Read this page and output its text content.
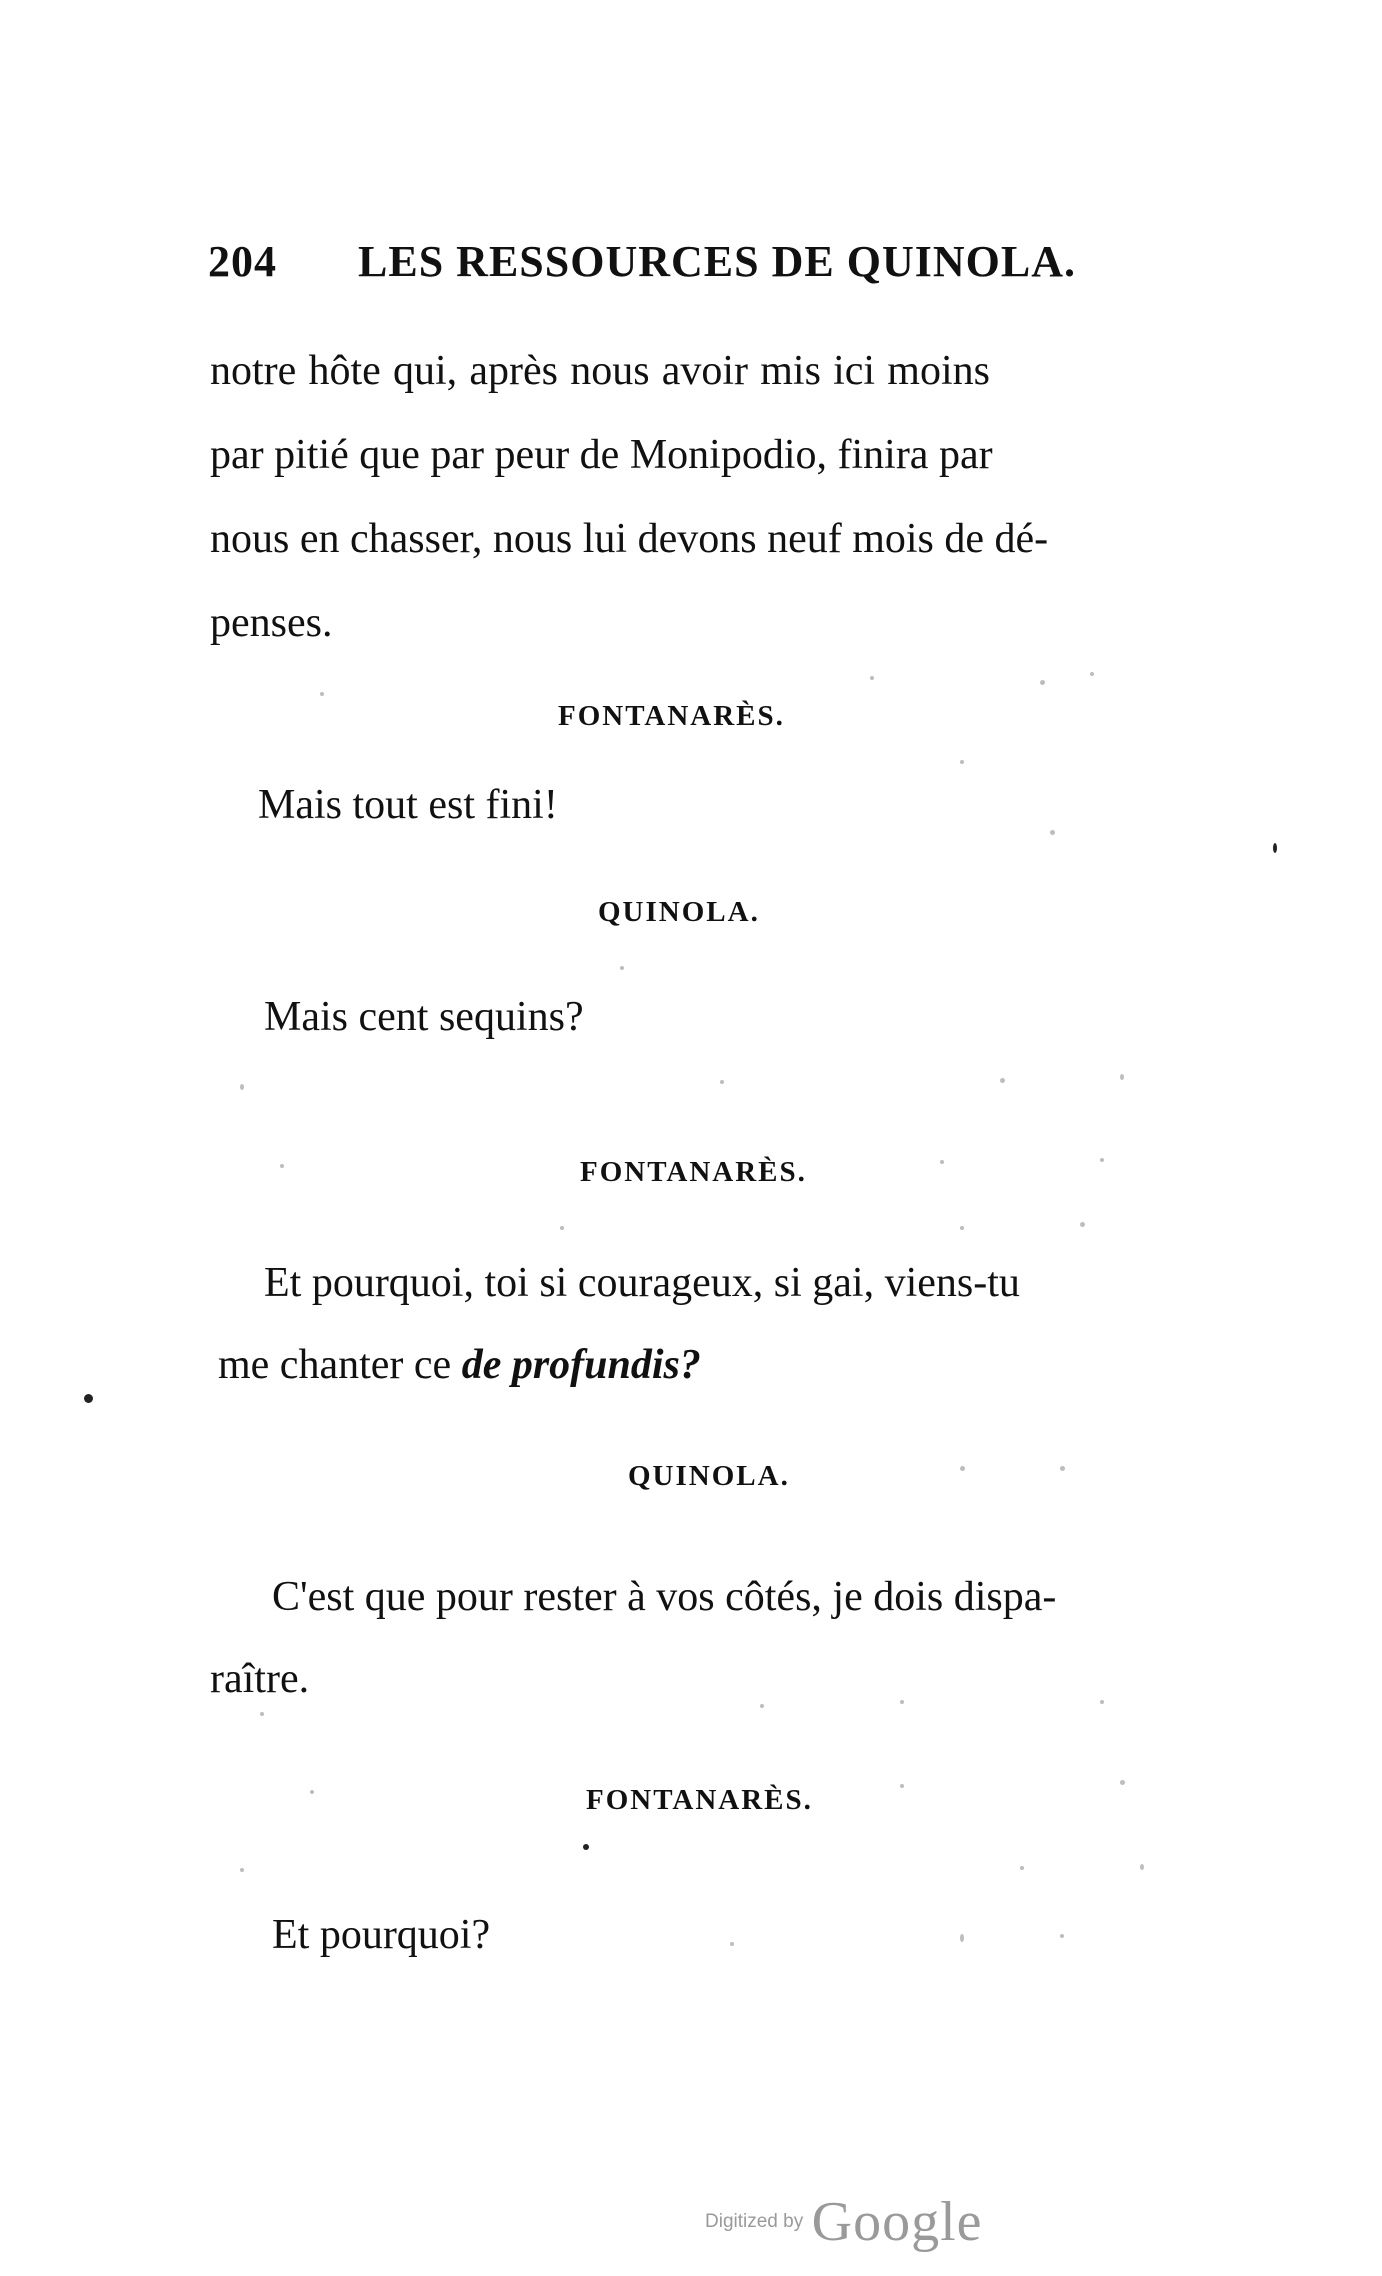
204 LES RESSOURCES DE QUINOLA.
notre hôte qui, après nous avoir mis ici moins
par pitié que par peur de Monipodio, finira par
nous en chasser, nous lui devons neuf mois de dé-
penses.
FONTANARÈS.
Mais tout est fini!
QUINOLA.
Mais cent sequins?
FONTANARÈS.
Et pourquoi, toi si courageux, si gai, viens-tu
me chanter ce de profundis?
QUINOLA.
C'est que pour rester à vos côtés, je dois dispa-
raître.
FONTANARÈS.
Et pourquoi?
Digitized by Google
